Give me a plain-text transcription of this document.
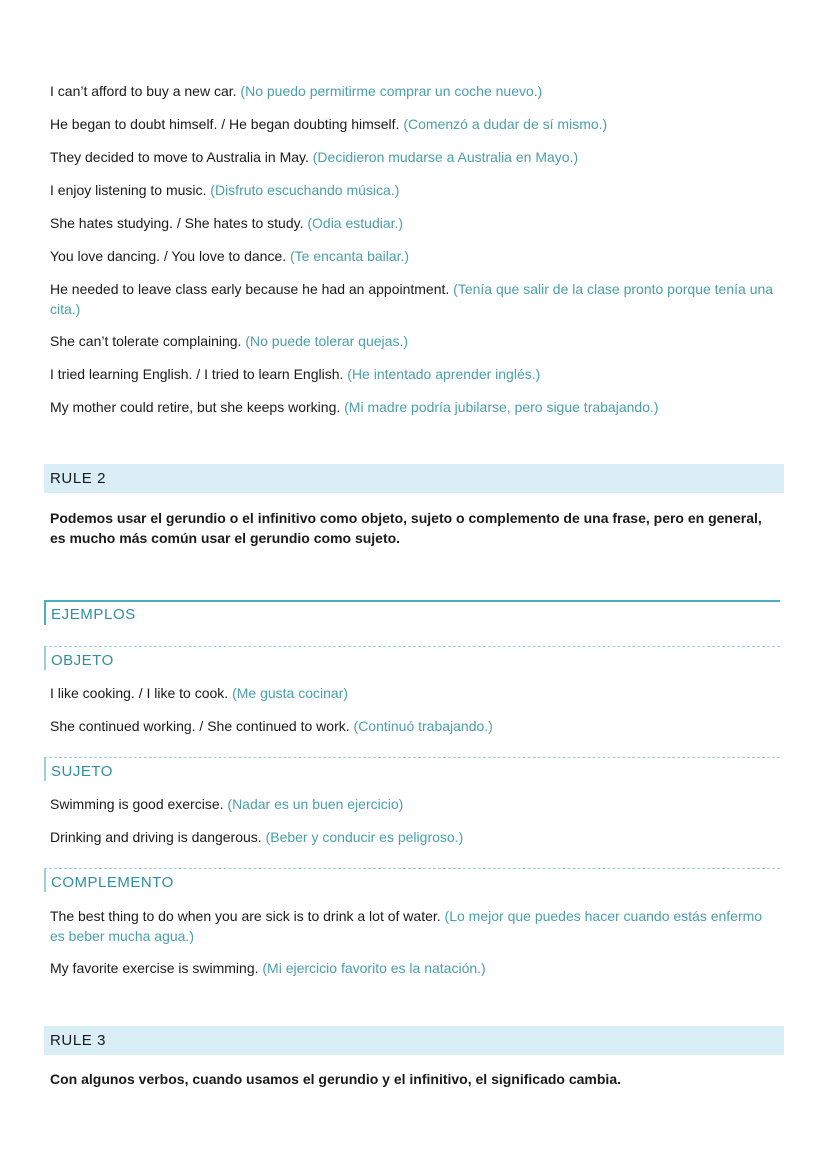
I can’t afford to buy a new car. (No puedo permitirme comprar un coche nuevo.)

He began to doubt himself. / He began doubting himself. (Comenzó a dudar de sí mismo.)

They decided to move to Australia in May. (Decidieron mudarse a Australia en Mayo.)

I enjoy listening to music. (Disfruto escuchando música.)

She hates studying. / She hates to study. (Odia estudiar.)

You love dancing. / You love to dance. (Te encanta bailar.)

He needed to leave class early because he had an appointment. (Tenía que salir de la clase pronto porque tenía una cita.)

She can’t tolerate complaining. (No puede tolerar quejas.)

I tried learning English. / I tried to learn English. (He intentado aprender inglés.)

My mother could retire, but she keeps working. (Mi madre podría jubilarse, pero sigue trabajando.)

RULE 2

Podemos usar el gerundio o el infinitivo como objeto, sujeto o complemento de una frase, pero en general, es mucho más común usar el gerundio como sujeto.

EJEMPLOS
OBJETO

I like cooking. / I like to cook. (Me gusta cocinar)

She continued working. / She continued to work. (Continuó trabajando.)

SUJETO

Swimming is good exercise. (Nadar es un buen ejercicio)

Drinking and driving is dangerous. (Beber y conducir es peligroso.)

COMPLEMENTO

The best thing to do when you are sick is to drink a lot of water. (Lo mejor que puedes hacer cuando estás enfermo es beber mucha agua.)

My favorite exercise is swimming. (Mi ejercicio favorito es la natación.)

RULE 3

Con algunos verbos, cuando usamos el gerundio y el infinitivo, el significado cambia.
